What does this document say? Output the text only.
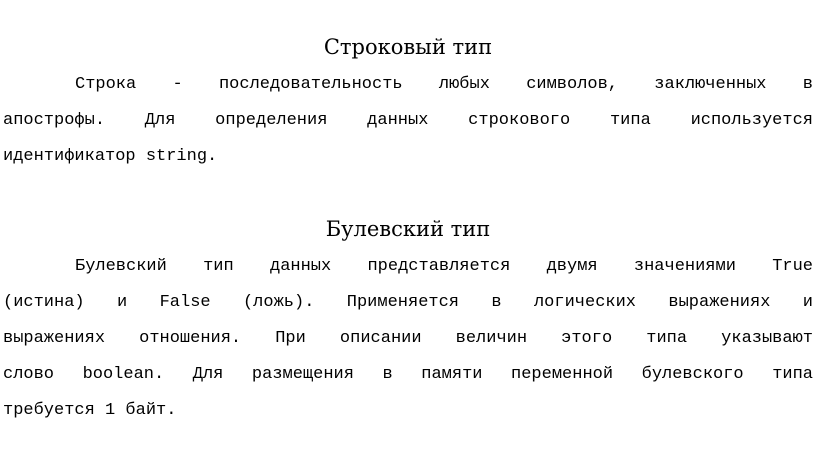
Строковый тип
Строка - последовательность любых символов, заключенных в
апострофы. Для определения данных строкового типа используется
идентификатор string.
Булевский тип
Булевский тип данных представляется двумя значениями True
(истина) и False (ложь). Применяется в логических выражениях и
выражениях отношения. При описании величин этого типа указывают
слово boolean. Для размещения в памяти переменной булевского типа
требуется 1 байт.
